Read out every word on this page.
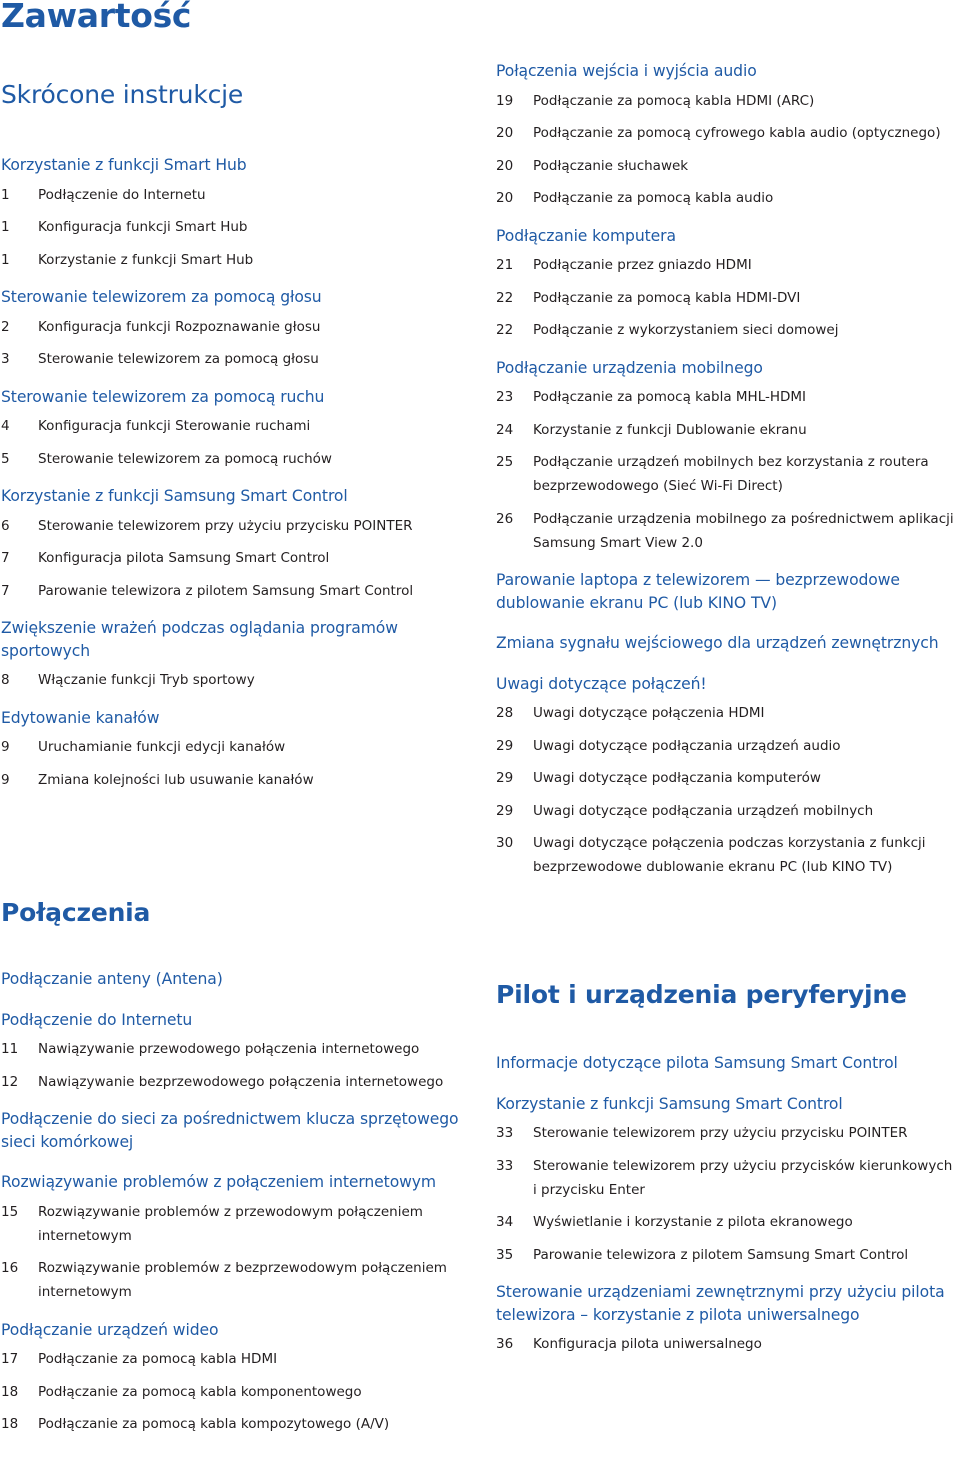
Zawartość
Skrócone instrukcje
Korzystanie z funkcji Smart Hub
1	Podłączenie do Internetu
1	Konfiguracja funkcji Smart Hub
1	Korzystanie z funkcji Smart Hub
Sterowanie telewizorem za pomocą głosu
2	Konfiguracja funkcji Rozpoznawanie głosu
3	Sterowanie telewizorem za pomocą głosu
Sterowanie telewizorem za pomocą ruchu
4	Konfiguracja funkcji Sterowanie ruchami
5	Sterowanie telewizorem za pomocą ruchów
Korzystanie z funkcji Samsung Smart Control
6	Sterowanie telewizorem przy użyciu przycisku POINTER
7	Konfiguracja pilota Samsung Smart Control
7	Parowanie telewizora z pilotem Samsung Smart Control
Zwiększenie wrażeń podczas oglądania programów sportowych
8	Włączanie funkcji Tryb sportowy
Edytowanie kanałów
9	Uruchamianie funkcji edycji kanałów
9	Zmiana kolejności lub usuwanie kanałów
Połączenia
Podłączanie anteny (Antena)
Podłączenie do Internetu
11	Nawiązywanie przewodowego połączenia internetowego
12	Nawiązywanie bezprzewodowego połączenia internetowego
Podłączenie do sieci za pośrednictwem klucza sprzętowego sieci komórkowej
Rozwiązywanie problemów z połączeniem internetowym
15	Rozwiązywanie problemów z przewodowym połączeniem internetowym
16	Rozwiązywanie problemów z bezprzewodowym połączeniem internetowym
Podłączanie urządzeń wideo
17	Podłączanie za pomocą kabla HDMI
18	Podłączanie za pomocą kabla komponentowego
18	Podłączanie za pomocą kabla kompozytowego (A/V)
Połączenia wejścia i wyjścia audio
19	Podłączanie za pomocą kabla HDMI (ARC)
20	Podłączanie za pomocą cyfrowego kabla audio (optycznego)
20	Podłączanie słuchawek
20	Podłączanie za pomocą kabla audio
Podłączanie komputera
21	Podłączanie przez gniazdo HDMI
22	Podłączanie za pomocą kabla HDMI-DVI
22	Podłączanie z wykorzystaniem sieci domowej
Podłączanie urządzenia mobilnego
23	Podłączanie za pomocą kabla MHL-HDMI
24	Korzystanie z funkcji Dublowanie ekranu
25	Podłączanie urządzeń mobilnych bez korzystania z routera bezprzewodowego (Sieć Wi-Fi Direct)
26	Podłączanie urządzenia mobilnego za pośrednictwem aplikacji Samsung Smart View 2.0
Parowanie laptopa z telewizorem — bezprzewodowe dublowanie ekranu PC (lub KINO TV)
Zmiana sygnału wejściowego dla urządzeń zewnętrznych
Uwagi dotyczące połączeń!
28	Uwagi dotyczące połączenia HDMI
29	Uwagi dotyczące podłączania urządzeń audio
29	Uwagi dotyczące podłączania komputerów
29	Uwagi dotyczące podłączania urządzeń mobilnych
30	Uwagi dotyczące połączenia podczas korzystania z funkcji bezprzewodowe dublowanie ekranu PC (lub KINO TV)
Pilot i urządzenia peryferyjne
Informacje dotyczące pilota Samsung Smart Control
Korzystanie z funkcji Samsung Smart Control
33	Sterowanie telewizorem przy użyciu przycisku POINTER
33	Sterowanie telewizorem przy użyciu przycisków kierunkowych i przycisku Enter
34	Wyświetlanie i korzystanie z pilota ekranowego
35	Parowanie telewizora z pilotem Samsung Smart Control
Sterowanie urządzeniami zewnętrznymi przy użyciu pilota telewizora – korzystanie z pilota uniwersalnego
36	Konfiguracja pilota uniwersalnego
